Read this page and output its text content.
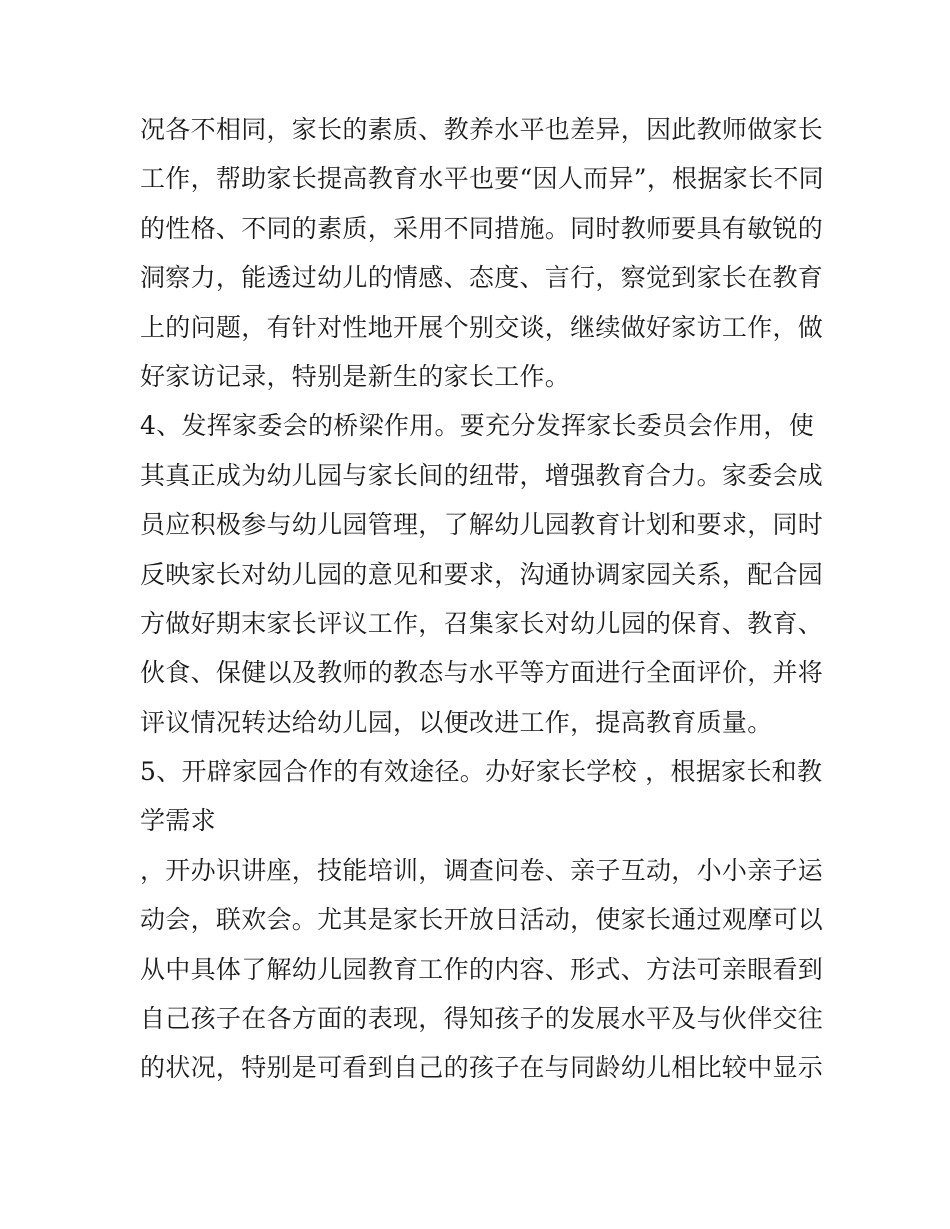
况各不相同，家长的素质、教养水平也差异，因此教师做家长
工作，帮助家长提高教育水平也要“因人而异”，根据家长不同
的性格、不同的素质，采用不同措施。同时教师要具有敏锐的
洞察力，能透过幼儿的情感、态度、言行，察觉到家长在教育
上的问题，有针对性地开展个别交谈，继续做好家访工作，做
好家访记录，特别是新生的家长工作。
4、发挥家委会的桥梁作用。要充分发挥家长委员会作用，使
其真正成为幼儿园与家长间的纽带，增强教育合力。家委会成
员应积极参与幼儿园管理，了解幼儿园教育计划和要求，同时
反映家长对幼儿园的意见和要求，沟通协调家园关系，配合园
方做好期末家长评议工作，召集家长对幼儿园的保育、教育、
伙食、保健以及教师的教态与水平等方面进行全面评价，并将
评议情况转达给幼儿园，以便改进工作，提高教育质量。
5、开辟家园合作的有效途径。办好家长学校 ，根据家长和教
学需求
，开办识讲座，技能培训，调查问卷、亲子互动，小小亲子运
动会，联欢会。尤其是家长开放日活动，使家长通过观摩可以
从中具体了解幼儿园教育工作的内容、形式、方法可亲眼看到
自己孩子在各方面的表现，得知孩子的发展水平及与伙伴交往
的状况，特别是可看到自己的孩子在与同龄幼儿相比较中显示
